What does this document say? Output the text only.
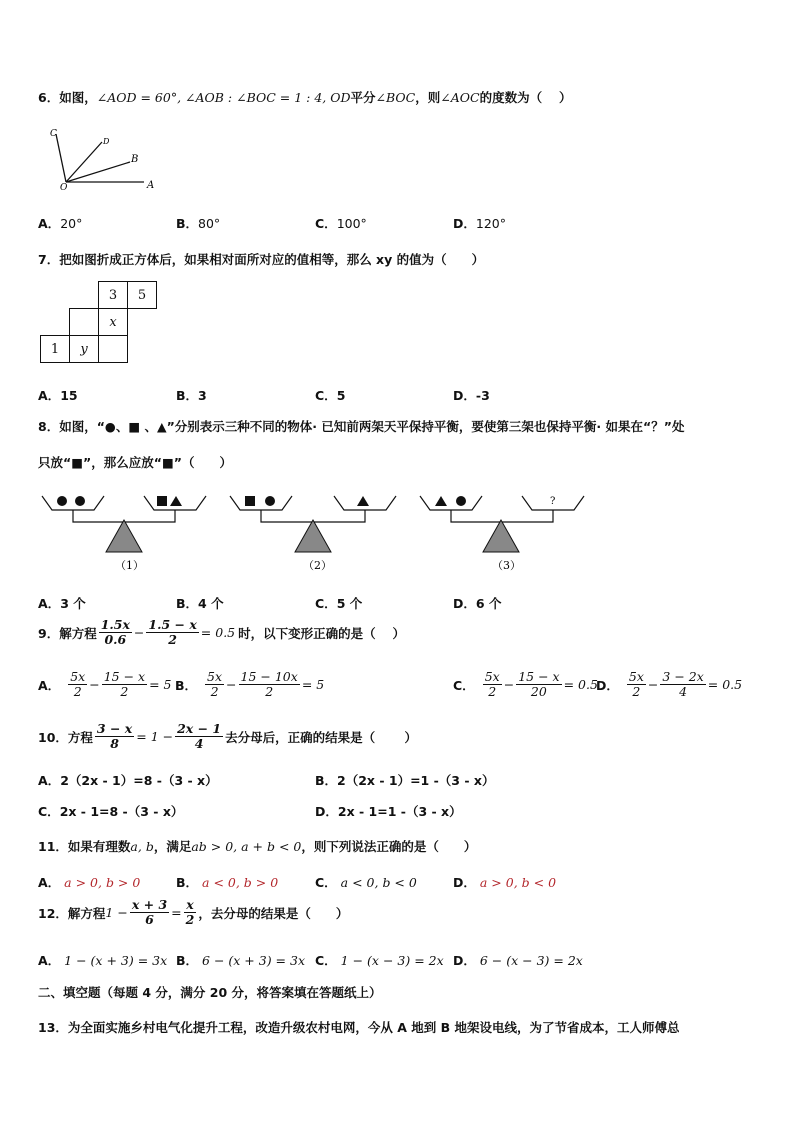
6．如图，∠AOD = 60°, ∠AOB : ∠BOC = 1 : 4, OD平分∠BOC，则∠AOC的度数为（　 ）
C
D
B
O	A
A．20°	B．80°	C．100°	D．120°
7．把如图折成正方体后，如果相对面所对应的值相等，那么 xy 的值为（　　）
3	5
x
1	y
A．15	B．3	C．5	D．-3
8．如图，“●、■ 、▲”分别表示三种不同的物体· 已知前两架天平保持平衡，要使第三架也保持平衡· 如果在“？”处
只放“■”，那么应放“■”（　　）
（1）	（2）
?
（3）
A．3 个	B．4 个	C．5 个	D．6 个
9． 解方程 $\frac{1.5x}{0.6} - \frac{1.5 - x}{2} = 0.5$ 时，以下变形正确的是（　 ）
A． $\frac{5x}{2} - \frac{15 - x}{2} = 5$ B． $\frac{5x}{2} - \frac{15 - 10x}{2} = 5$	C． $\frac{5x}{2} - \frac{15 - x}{20} = 0.5$
D． $\frac{5x}{2} - \frac{3 - 2x}{4} = 0.5$
10． 方程 $\frac{3 - x}{8} = 1 - \frac{2x - 1}{4}$ 去分母后，正确的结果是（　　 ）
A．2（2x - 1）=8 -（3 - x）	B．2（2x - 1）=1 -（3 - x）
C．2x - 1=8 -（3 - x）	D．2x - 1=1 -（3 - x）
11．如果有理数a, b，满足ab > 0, a + b < 0，则下列说法正确的是（　　）
A． a > 0, b > 0	B． a < 0, b > 0	C． a < 0, b < 0	D． a > 0, b < 0
12． 解方程 $1 - \frac{x + 3}{6} = \frac{x}{2}$ ，去分母的结果是（　　）
A． 1 − (x + 3) = 3x B． 6 − (x + 3) = 3x C． 1 − (x − 3) = 2x D． 6 − (x − 3) = 2x
二、填空题（每题 4 分，满分 20 分，将答案填在答题纸上）
13．为全面实施乡村电气化提升工程，改造升级农村电网，今从 A 地到 B 地架设电线，为了节省成本，工人师傅总
